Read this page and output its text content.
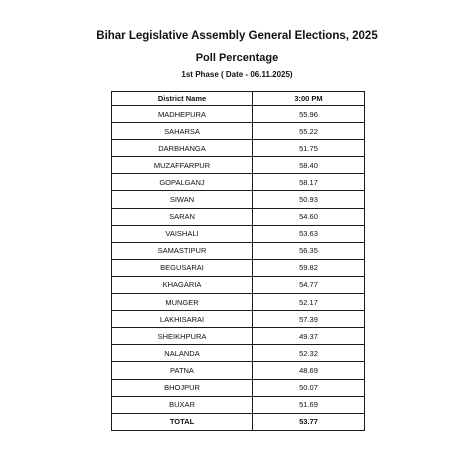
Bihar Legislative Assembly General Elections, 2025
Poll Percentage
1st Phase ( Date - 06.11.2025)
District Name	3:00 PM
MADHEPURA	55.96
SAHARSA	55.22
DARBHANGA	51.75
MUZAFFARPUR	58.40
GOPALGANJ	58.17
SIWAN	50.93
SARAN	54.60
VAISHALI	53.63
SAMASTIPUR	56.35
BEGUSARAI	59.82
KHAGARIA	54.77
MUNGER	52.17
LAKHISARAI	57.39
SHEIKHPURA	49.37
NALANDA	52.32
PATNA	48.69
BHOJPUR	50.07
BUXAR	51.69
TOTAL	53.77
